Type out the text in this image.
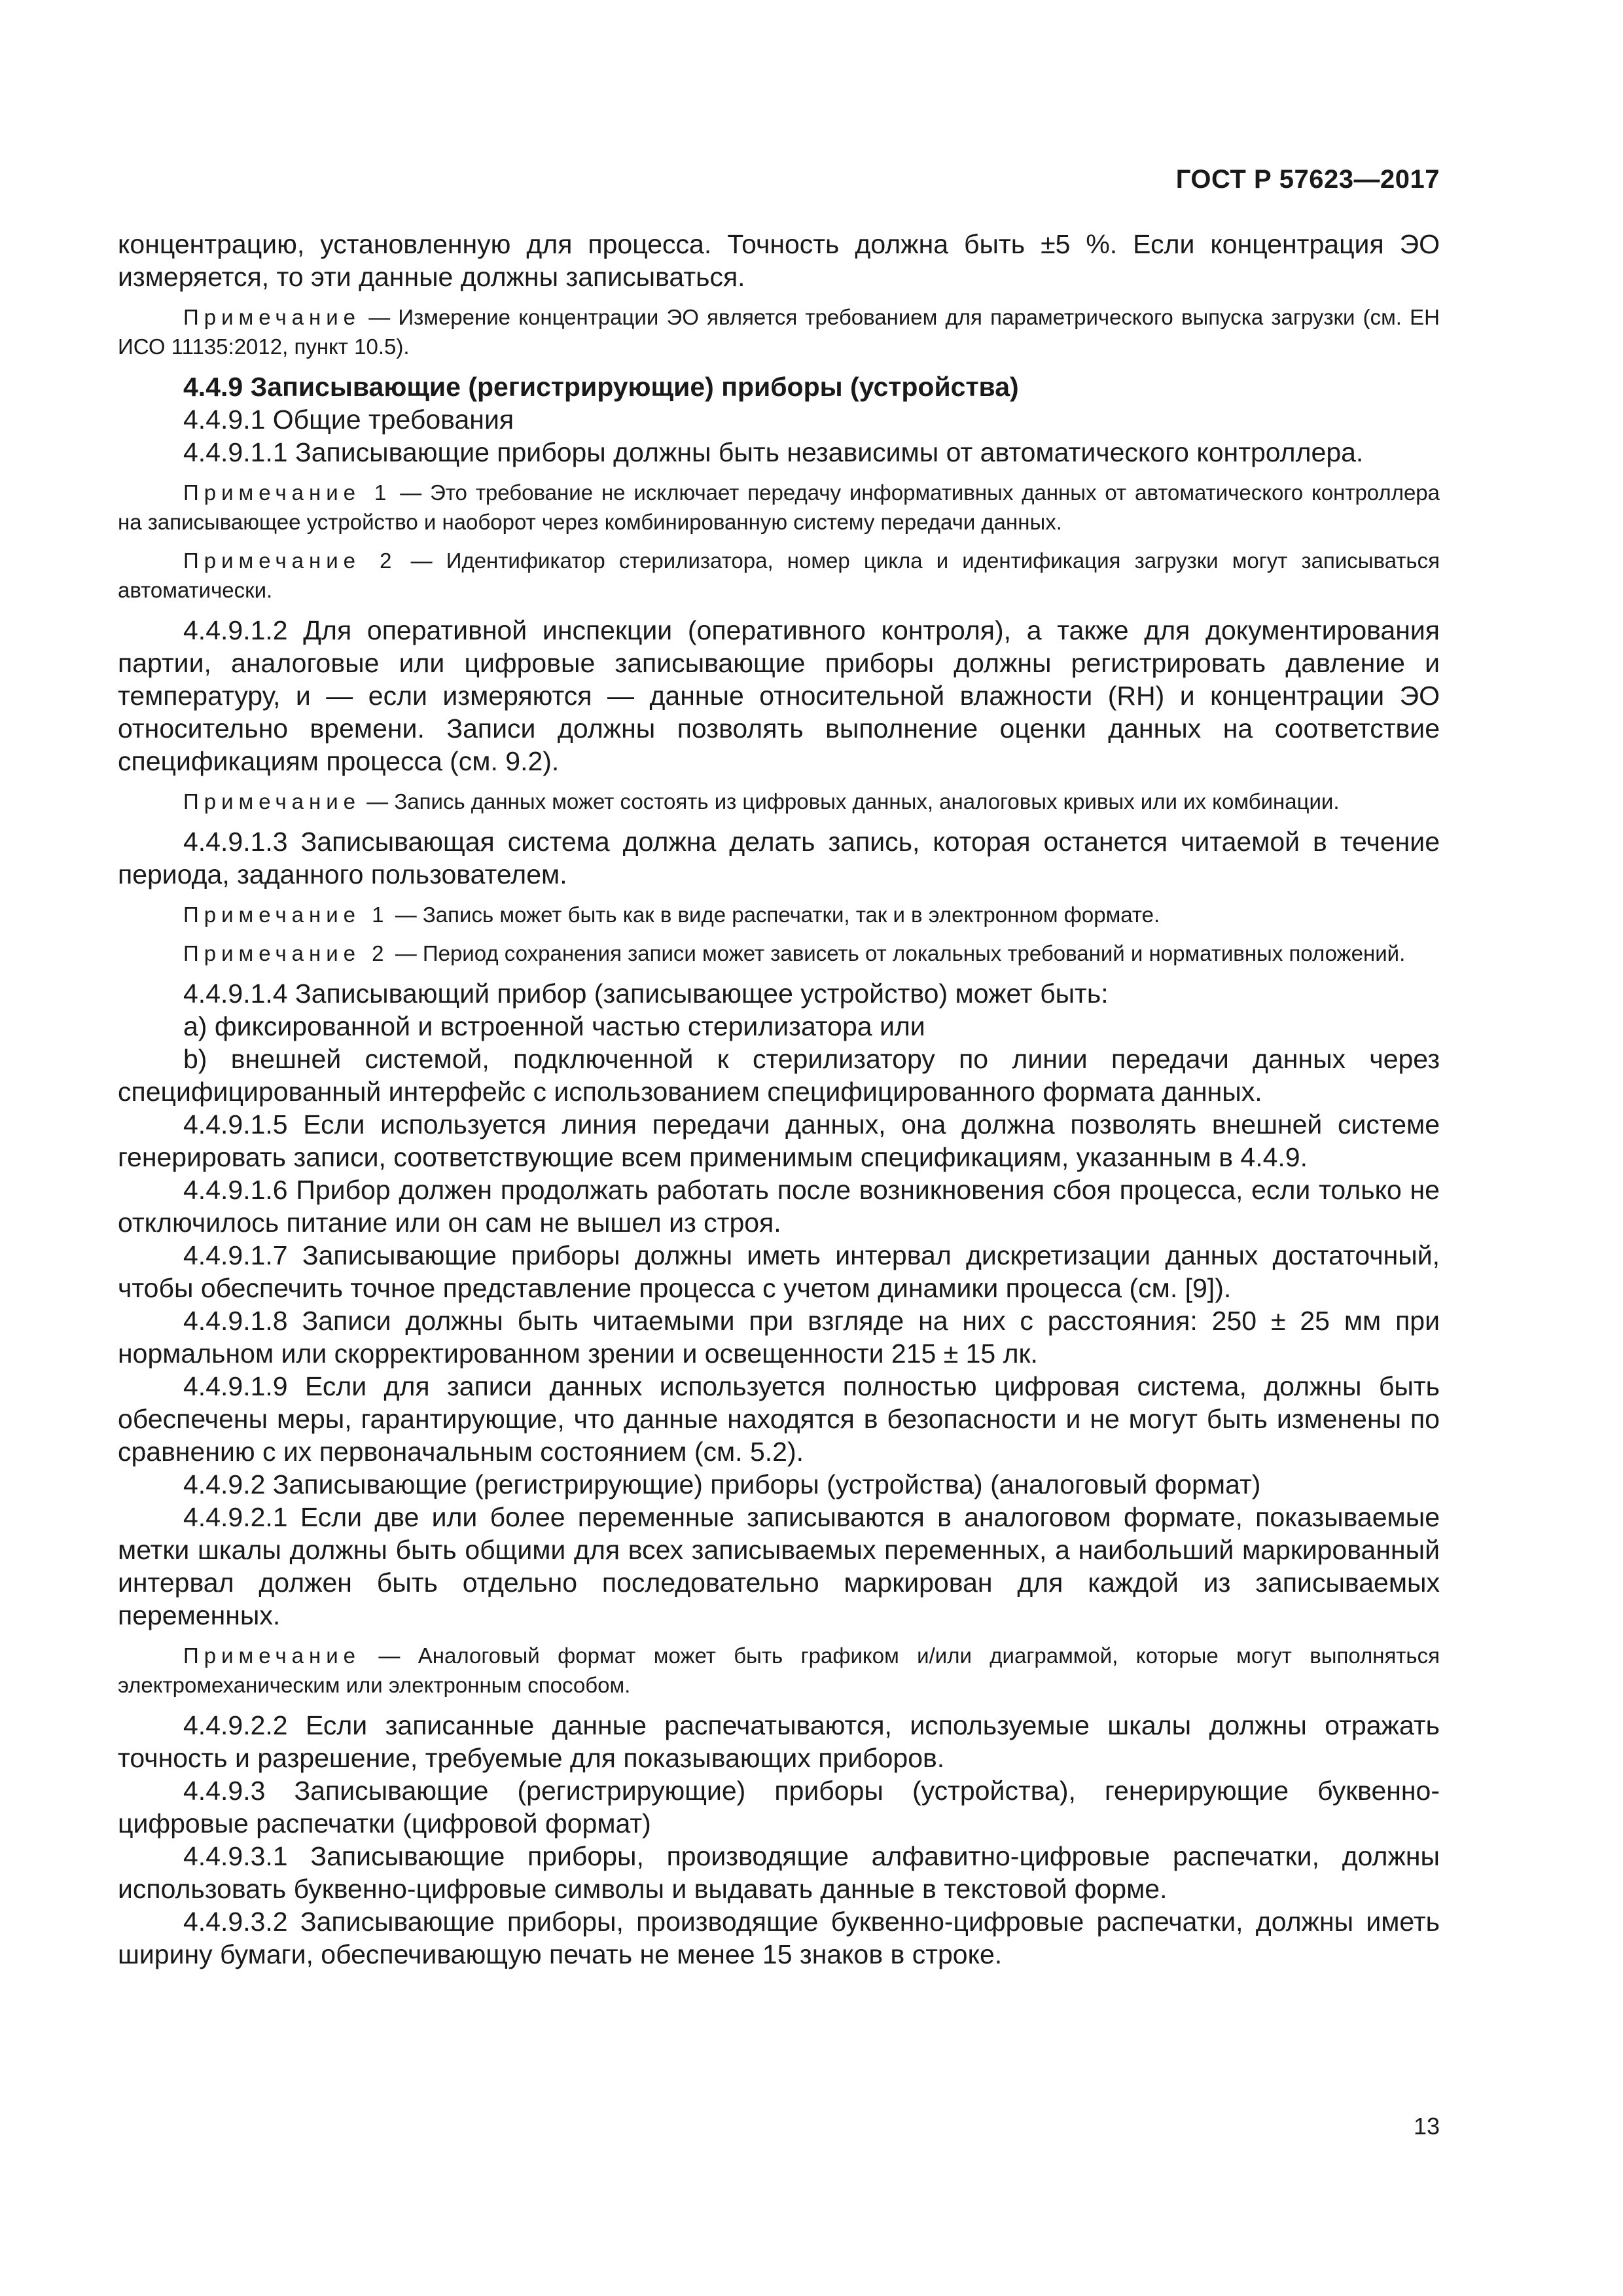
ГОСТ Р 57623—2017

концентрацию, установленную для процесса. Точность должна быть ±5 %. Если концентрация ЭО измеряется, то эти данные должны записываться.

Примечание — Измерение концентрации ЭО является требованием для параметрического выпуска загрузки (см. ЕН ИСО 11135:2012, пункт 10.5).

4.4.9 Записывающие (регистрирующие) приборы (устройства)

4.4.9.1 Общие требования

4.4.9.1.1 Записывающие приборы должны быть независимы от автоматического контроллера.

Примечание 1 — Это требование не исключает передачу информативных данных от автоматического контроллера на записывающее устройство и наоборот через комбинированную систему передачи данных.

Примечание 2 — Идентификатор стерилизатора, номер цикла и идентификация загрузки могут записываться автоматически.

4.4.9.1.2 Для оперативной инспекции (оперативного контроля), а также для документирования партии, аналоговые или цифровые записывающие приборы должны регистрировать давление и температуру, и — если измеряются — данные относительной влажности (RH) и концентрации ЭО относительно времени. Записи должны позволять выполнение оценки данных на соответствие спецификациям процесса (см. 9.2).

Примечание — Запись данных может состоять из цифровых данных, аналоговых кривых или их комбинации.

4.4.9.1.3 Записывающая система должна делать запись, которая останется читаемой в течение периода, заданного пользователем.

Примечание 1 — Запись может быть как в виде распечатки, так и в электронном формате.

Примечание 2 — Период сохранения записи может зависеть от локальных требований и нормативных положений.

4.4.9.1.4 Записывающий прибор (записывающее устройство) может быть:

a) фиксированной и встроенной частью стерилизатора или

b) внешней системой, подключенной к стерилизатору по линии передачи данных через специфицированный интерфейс с использованием специфицированного формата данных.

4.4.9.1.5 Если используется линия передачи данных, она должна позволять внешней системе генерировать записи, соответствующие всем применимым спецификациям, указанным в 4.4.9.

4.4.9.1.6 Прибор должен продолжать работать после возникновения сбоя процесса, если только не отключилось питание или он сам не вышел из строя.

4.4.9.1.7 Записывающие приборы должны иметь интервал дискретизации данных достаточный, чтобы обеспечить точное представление процесса с учетом динамики процесса (см. [9]).

4.4.9.1.8 Записи должны быть читаемыми при взгляде на них с расстояния: 250 ± 25 мм при нормальном или скорректированном зрении и освещенности 215 ± 15 лк.

4.4.9.1.9 Если для записи данных используется полностью цифровая система, должны быть обеспечены меры, гарантирующие, что данные находятся в безопасности и не могут быть изменены по сравнению с их первоначальным состоянием (см. 5.2).

4.4.9.2 Записывающие (регистрирующие) приборы (устройства) (аналоговый формат)

4.4.9.2.1 Если две или более переменные записываются в аналоговом формате, показываемые метки шкалы должны быть общими для всех записываемых переменных, а наибольший маркированный интервал должен быть отдельно последовательно маркирован для каждой из записываемых переменных.

Примечание — Аналоговый формат может быть графиком и/или диаграммой, которые могут выполняться электромеханическим или электронным способом.

4.4.9.2.2 Если записанные данные распечатываются, используемые шкалы должны отражать точность и разрешение, требуемые для показывающих приборов.

4.4.9.3 Записывающие (регистрирующие) приборы (устройства), генерирующие буквенно-цифровые распечатки (цифровой формат)

4.4.9.3.1 Записывающие приборы, производящие алфавитно-цифровые распечатки, должны использовать буквенно-цифровые символы и выдавать данные в текстовой форме.

4.4.9.3.2 Записывающие приборы, производящие буквенно-цифровые распечатки, должны иметь ширину бумаги, обеспечивающую печать не менее 15 знаков в строке.

13
